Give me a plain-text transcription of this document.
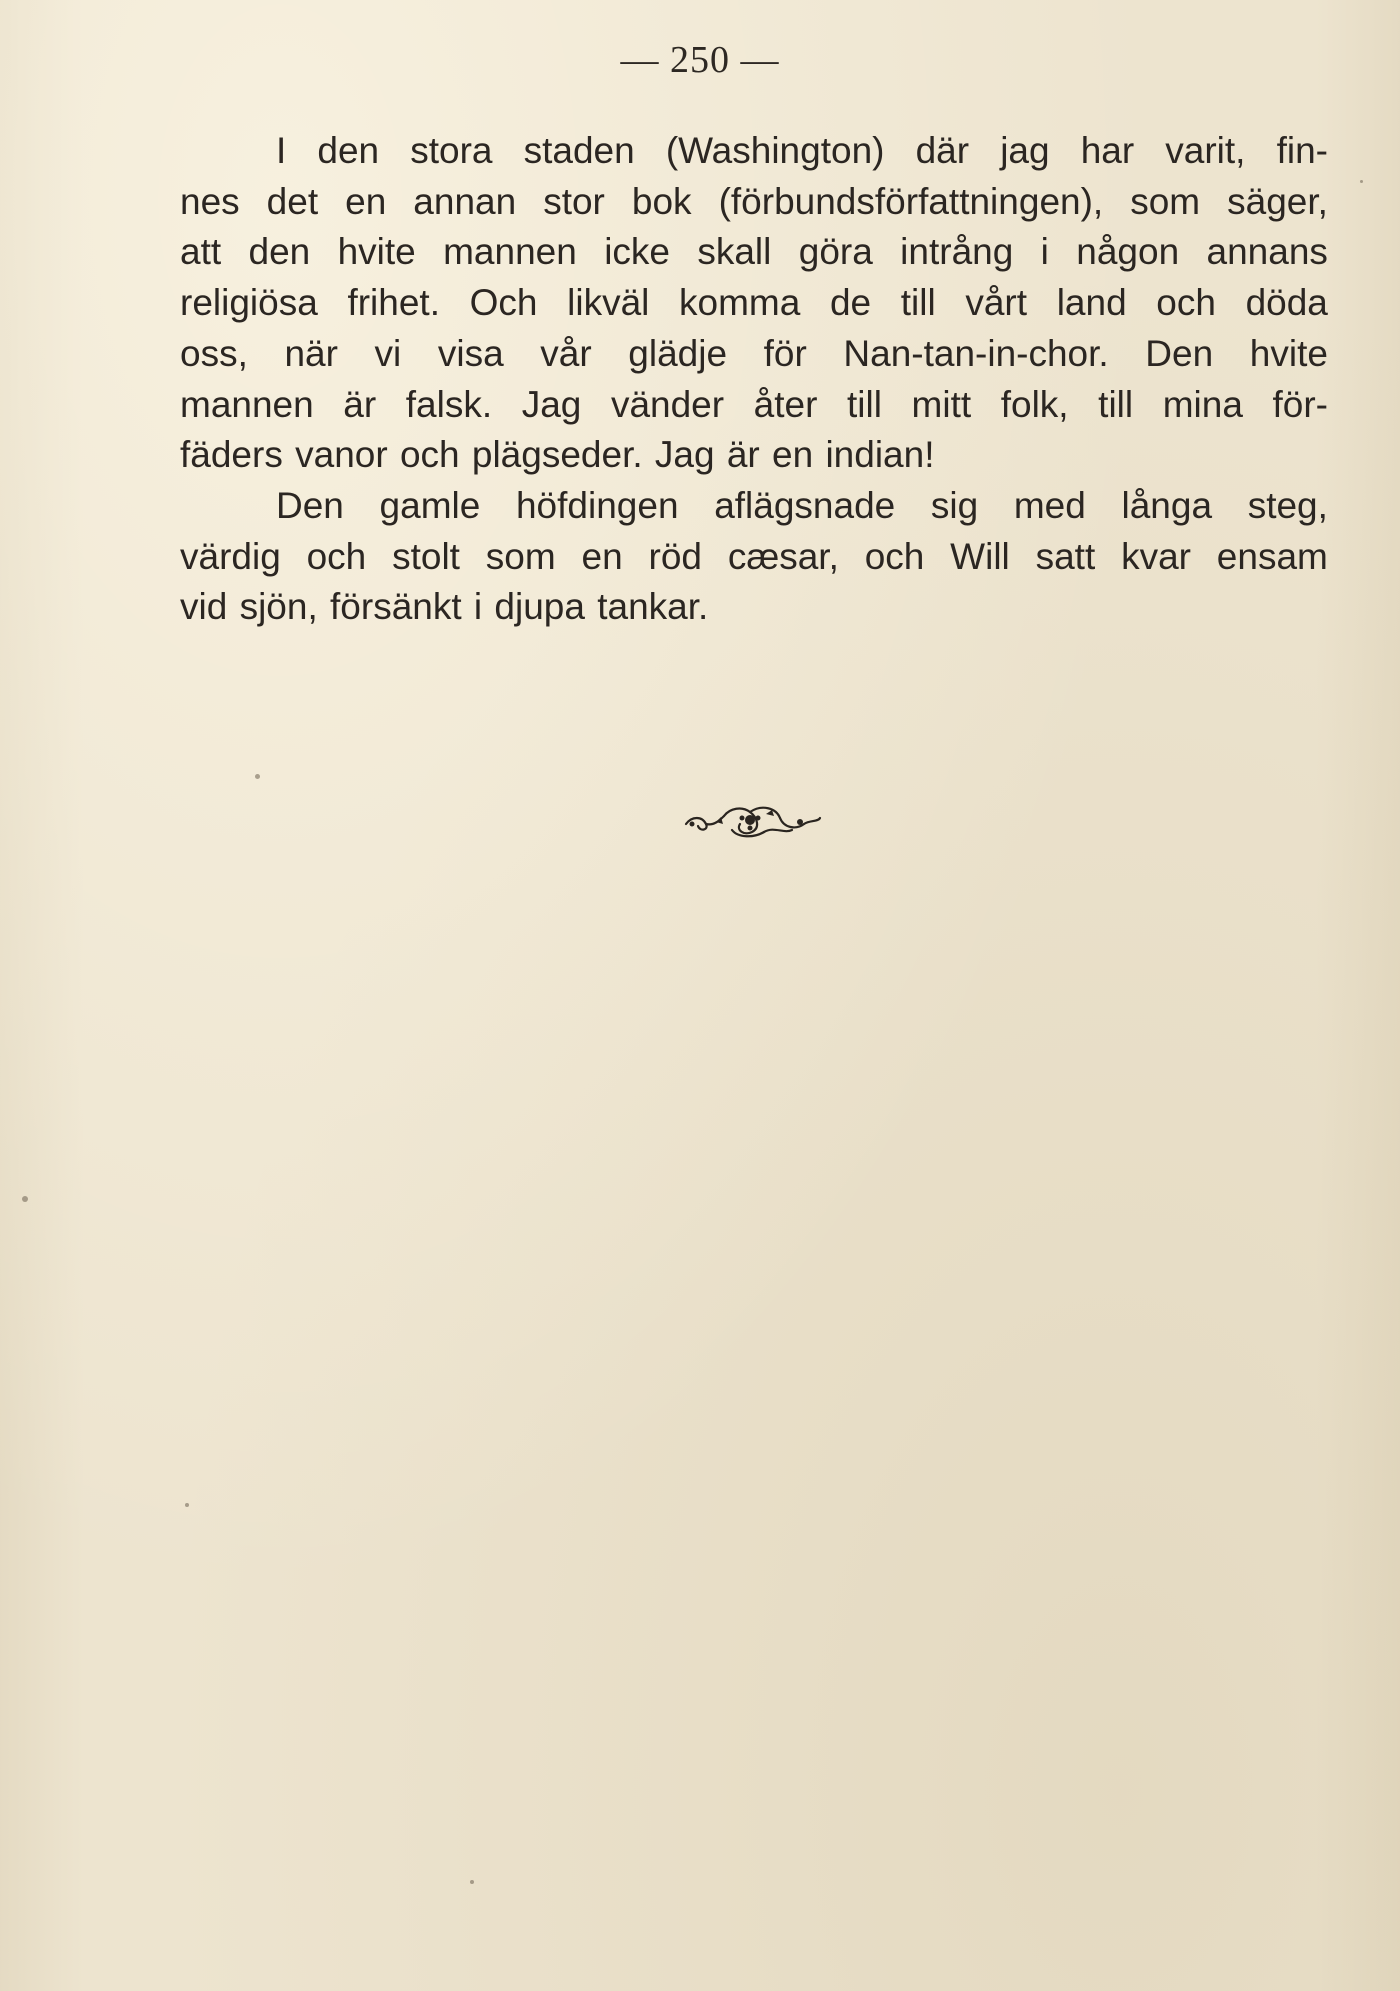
— 250 —
I den stora staden (Washington) där jag har varit, fin-
nes det en annan stor bok (förbundsförfattningen), som säger,
att den hvite mannen icke skall göra intrång i någon annans
religiösa frihet. Och likväl komma de till vårt land och döda
oss, när vi visa vår glädje för Nan-tan-in-chor. Den hvite
mannen är falsk. Jag vänder åter till mitt folk, till mina för-
fäders vanor och plägseder. Jag är en indian!
Den gamle höfdingen aflägsnade sig med långa steg,
värdig och stolt som en röd cæsar, och Will satt kvar ensam
vid sjön, försänkt i djupa tankar.
